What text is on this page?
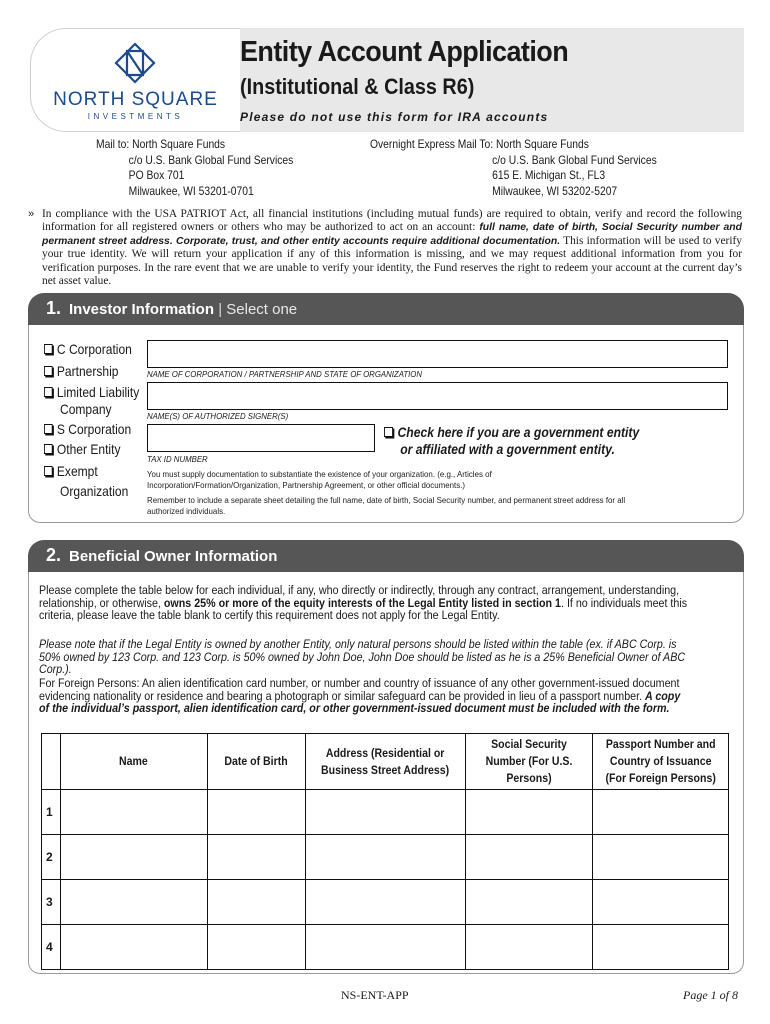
Entity Account Application
(Institutional & Class R6)
Please do not use this form for IRA accounts
NORTH SQUARE
INVESTMENTS
Mail to: North Square Funds
c/o U.S. Bank Global Fund Services
PO Box 701
Milwaukee, WI 53201-0701
Overnight Express Mail To: North Square Funds
c/o U.S. Bank Global Fund Services
615 E. Michigan St., FL3
Milwaukee, WI 53202-5207
» In compliance with the USA PATRIOT Act, all financial institutions (including mutual funds) are required to obtain, verify and record the following information for all registered owners or others who may be authorized to act on an account: full name, date of birth, Social Security number and permanent street address. Corporate, trust, and other entity accounts require additional documentation. This information will be used to verify your true identity. We will return your application if any of this information is missing, and we may request additional information from you for verification purposes. In the rare event that we are unable to verify your identity, the Fund reserves the right to redeem your account at the current day’s net asset value.
1. Investor Information | Select one
C Corporation
Partnership
Limited Liability
Company
S Corporation
Other Entity
Exempt
Organization
NAME OF CORPORATION / PARTNERSHIP AND STATE OF ORGANIZATION
NAME(S) OF AUTHORIZED SIGNER(S)
TAX ID NUMBER
Check here if you are a government entity
or affiliated with a government entity.
You must supply documentation to substantiate the existence of your organization. (e.g., Articles of Incorporation/Formation/Organization, Partnership Agreement, or other official documents.)
Remember to include a separate sheet detailing the full name, date of birth, Social Security number, and permanent street address for all authorized individuals.
2. Beneficial Owner Information
Please complete the table below for each individual, if any, who directly or indirectly, through any contract, arrangement, understanding, relationship, or otherwise, owns 25% or more of the equity interests of the Legal Entity listed in section 1. If no individuals meet this criteria, please leave the table blank to certify this requirement does not apply for the Legal Entity.
Please note that if the Legal Entity is owned by another Entity, only natural persons should be listed within the table (ex. if ABC Corp. is 50% owned by 123 Corp. and 123 Corp. is 50% owned by John Doe, John Doe should be listed as he is a 25% Beneficial Owner of ABC Corp.).
For Foreign Persons: An alien identification card number, or number and country of issuance of any other government-issued document evidencing nationality or residence and bearing a photograph or similar safeguard can be provided in lieu of a passport number. A copy of the individual’s passport, alien identification card, or other government-issued document must be included with the form.
	Name	Date of Birth	Address (Residential or Business Street Address)	Social Security Number (For U.S. Persons)	Passport Number and Country of Issuance (For Foreign Persons)
1					
2					
3					
4					
NS-ENT-APP	Page 1 of 8
